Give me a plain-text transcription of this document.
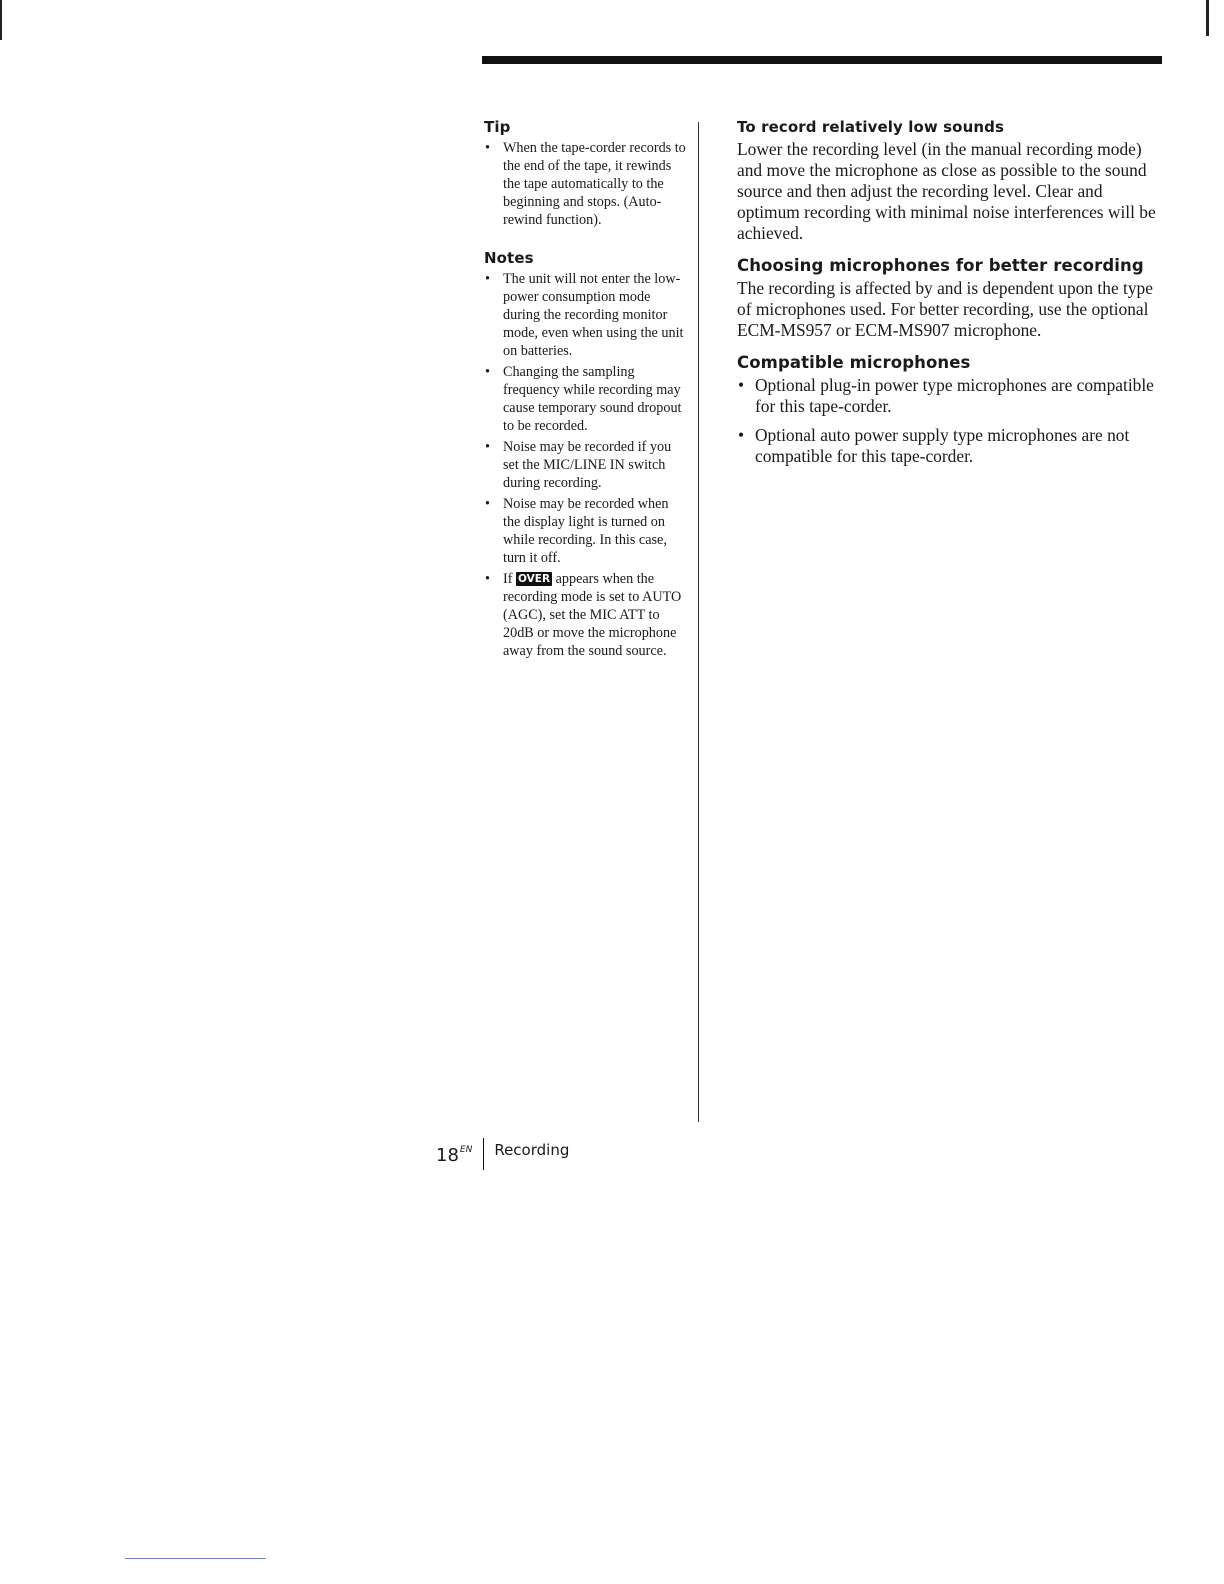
Tip
• When the tape-corder records to the end of the tape, it rewinds the tape automatically to the beginning and stops. (Auto-rewind function).
Notes
• The unit will not enter the low-power consumption mode during the recording monitor mode, even when using the unit on batteries.
• Changing the sampling frequency while recording may cause temporary sound dropout to be recorded.
• Noise may be recorded if you set the MIC/LINE IN switch during recording.
• Noise may be recorded when the display light is turned on while recording. In this case, turn it off.
• If OVER appears when the recording mode is set to AUTO (AGC), set the MIC ATT to 20dB or move the microphone away from the sound source.
To record relatively low sounds

Lower the recording level (in the manual recording mode) and move the microphone as close as possible to the sound source and then adjust the recording level. Clear and optimum recording with minimal noise interferences will be achieved.

Choosing microphones for better recording

The recording is affected by and is dependent upon the type of microphones used. For better recording, use the optional ECM-MS957 or ECM-MS907 microphone.

Compatible microphones
• Optional plug-in power type microphones are compatible for this tape-corder.
• Optional auto power supply type microphones are not compatible for this tape-corder.
$18^{EN}$ Recording
